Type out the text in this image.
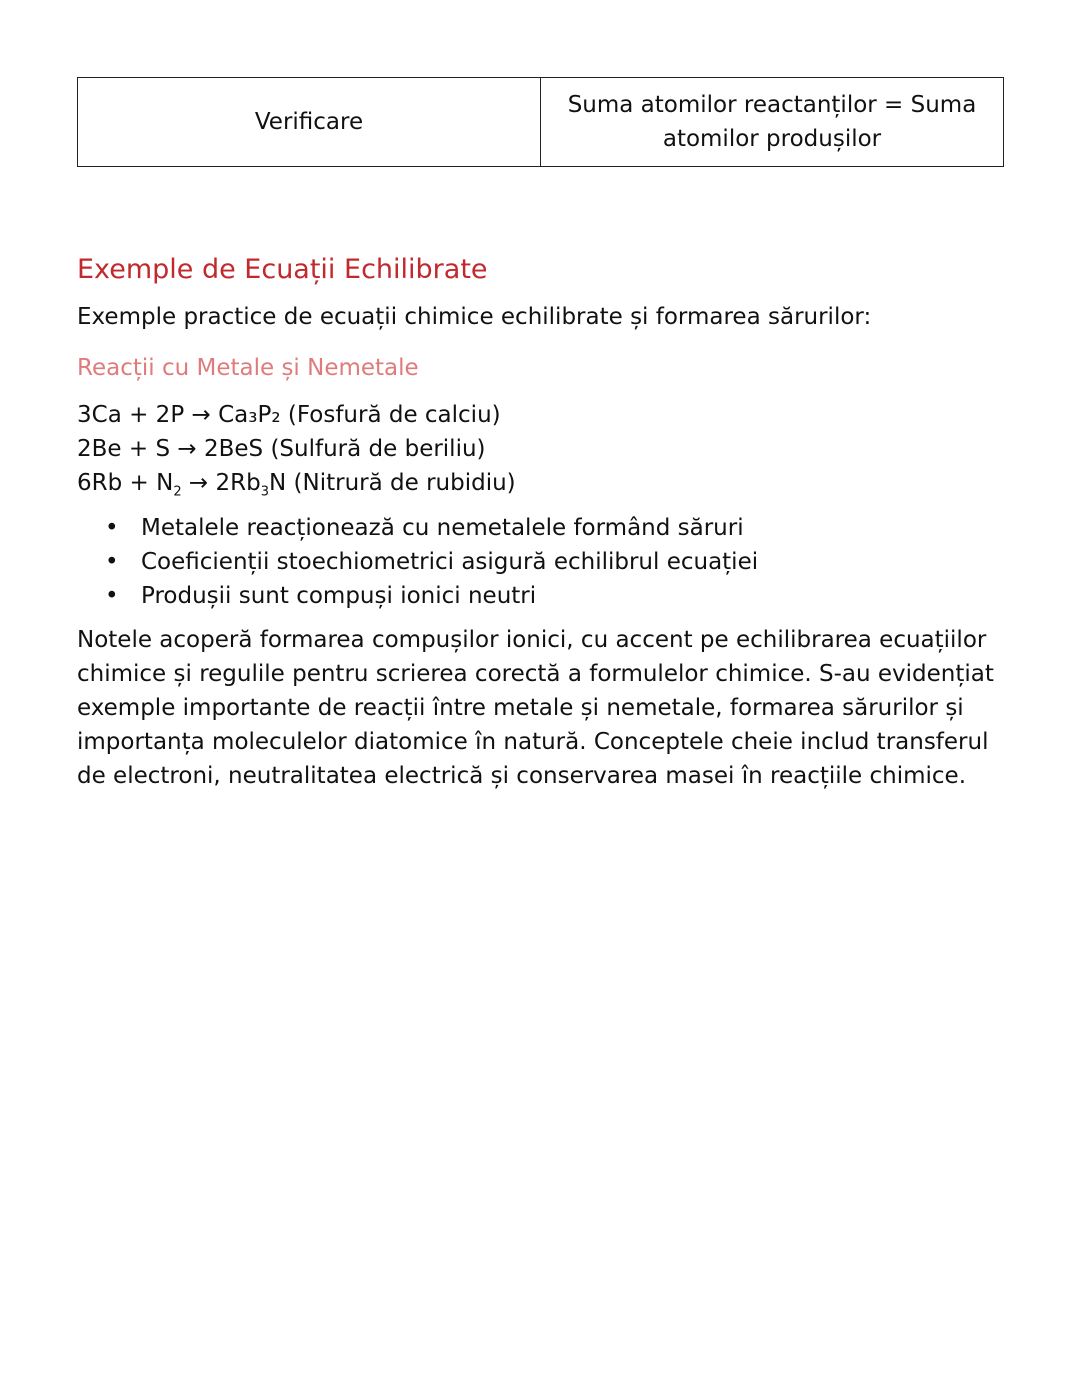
Verificare	Suma atomilor reactanților = Suma
atomilor produșilor
Exemple de Ecuații Echilibrate

Exemple practice de ecuații chimice echilibrate și formarea sărurilor:

Reacții cu Metale și Nemetale
3Ca + 2P → Ca₃P₂ (Fosfură de calciu)
2Be + S → 2BeS (Sulfură de beriliu)
$6Rb + N_2 \to 2Rb_3N$ (Nitrură de rubidiu)
• Metalele reacționează cu nemetalele formând săruri
• Coeficienții stoechiometrici asigură echilibrul ecuației
• Produșii sunt compuși ionici neutri

Notele acoperă formarea compușilor ionici, cu accent pe echilibrarea ecuațiilor chimice și regulile pentru scrierea corectă a formulelor chimice. S-au evidențiat exemple importante de reacții între metale și nemetale, formarea sărurilor și importanța moleculelor diatomice în natură. Conceptele cheie includ transferul de electroni, neutralitatea electrică și conservarea masei în reacțiile chimice.
